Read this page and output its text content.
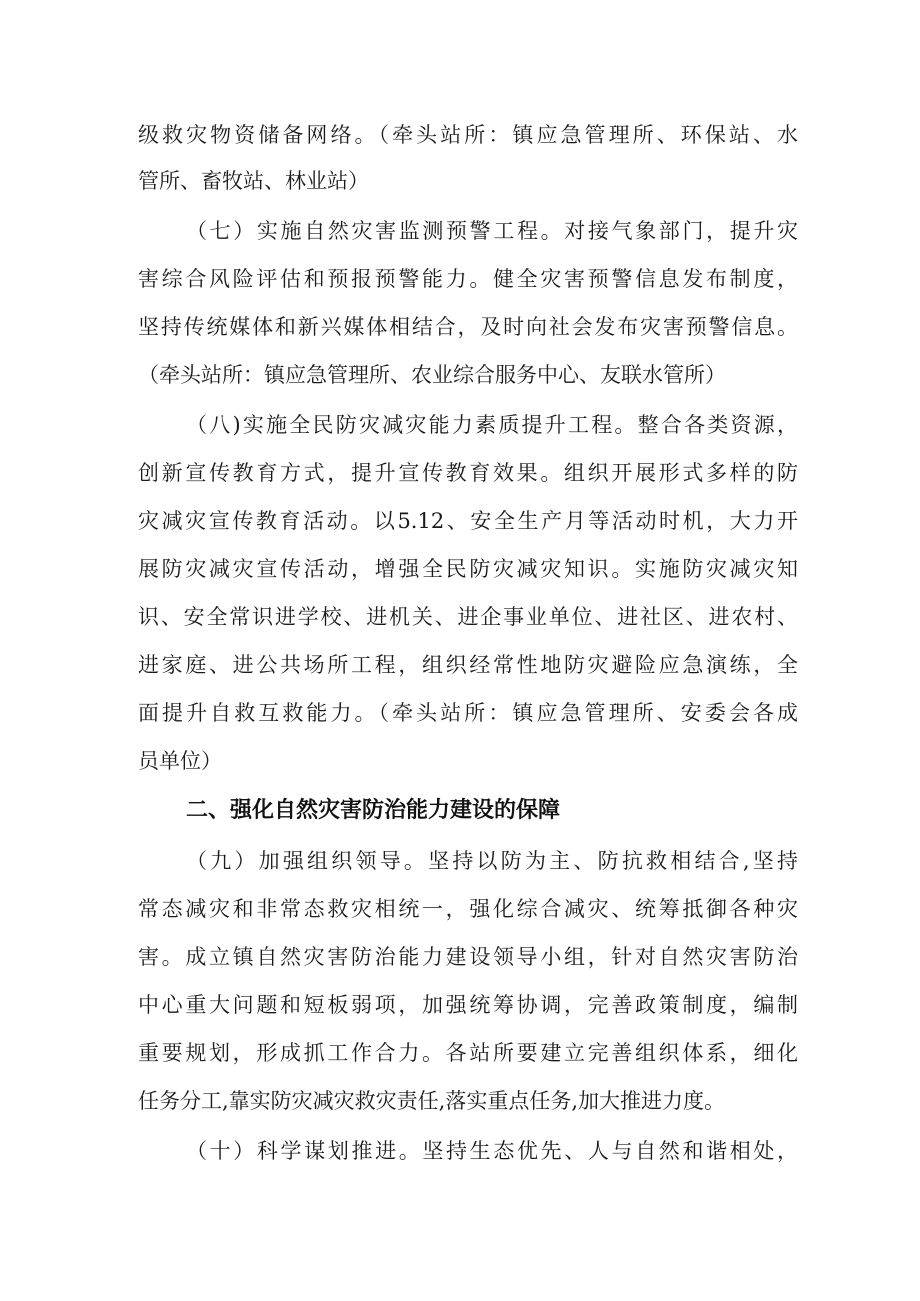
级救灾物资储备网络。（牵头站所：镇应急管理所、环保站、水
管所、畜牧站、林业站）
（七）实施自然灾害监测预警工程。对接气象部门，提升灾
害综合风险评估和预报预警能力。健全灾害预警信息发布制度，
坚持传统媒体和新兴媒体相结合，及时向社会发布灾害预警信息。
（牵头站所：镇应急管理所、农业综合服务中心、友联水管所）
（八)实施全民防灾减灾能力素质提升工程。整合各类资源，
创新宣传教育方式，提升宣传教育效果。组织开展形式多样的防
灾减灾宣传教育活动。以5.12、安全生产月等活动时机，大力开
展防灾减灾宣传活动，增强全民防灾减灾知识。实施防灾减灾知
识、安全常识进学校、进机关、进企事业单位、进社区、进农村、
进家庭、进公共场所工程，组织经常性地防灾避险应急演练，全
面提升自救互救能力。（牵头站所：镇应急管理所、安委会各成
员单位）
二、强化自然灾害防治能力建设的保障
（九）加强组织领导。坚持以防为主、防抗救相结合,坚持
常态减灾和非常态救灾相统一，强化综合减灾、统筹抵御各种灾
害。成立镇自然灾害防治能力建设领导小组，针对自然灾害防治
中心重大问题和短板弱项，加强统筹协调，完善政策制度，编制
重要规划，形成抓工作合力。各站所要建立完善组织体系，细化
任务分工,靠实防灾减灾救灾责任,落实重点任务,加大推进力度。
（十）科学谋划推进。坚持生态优先、人与自然和谐相处，
